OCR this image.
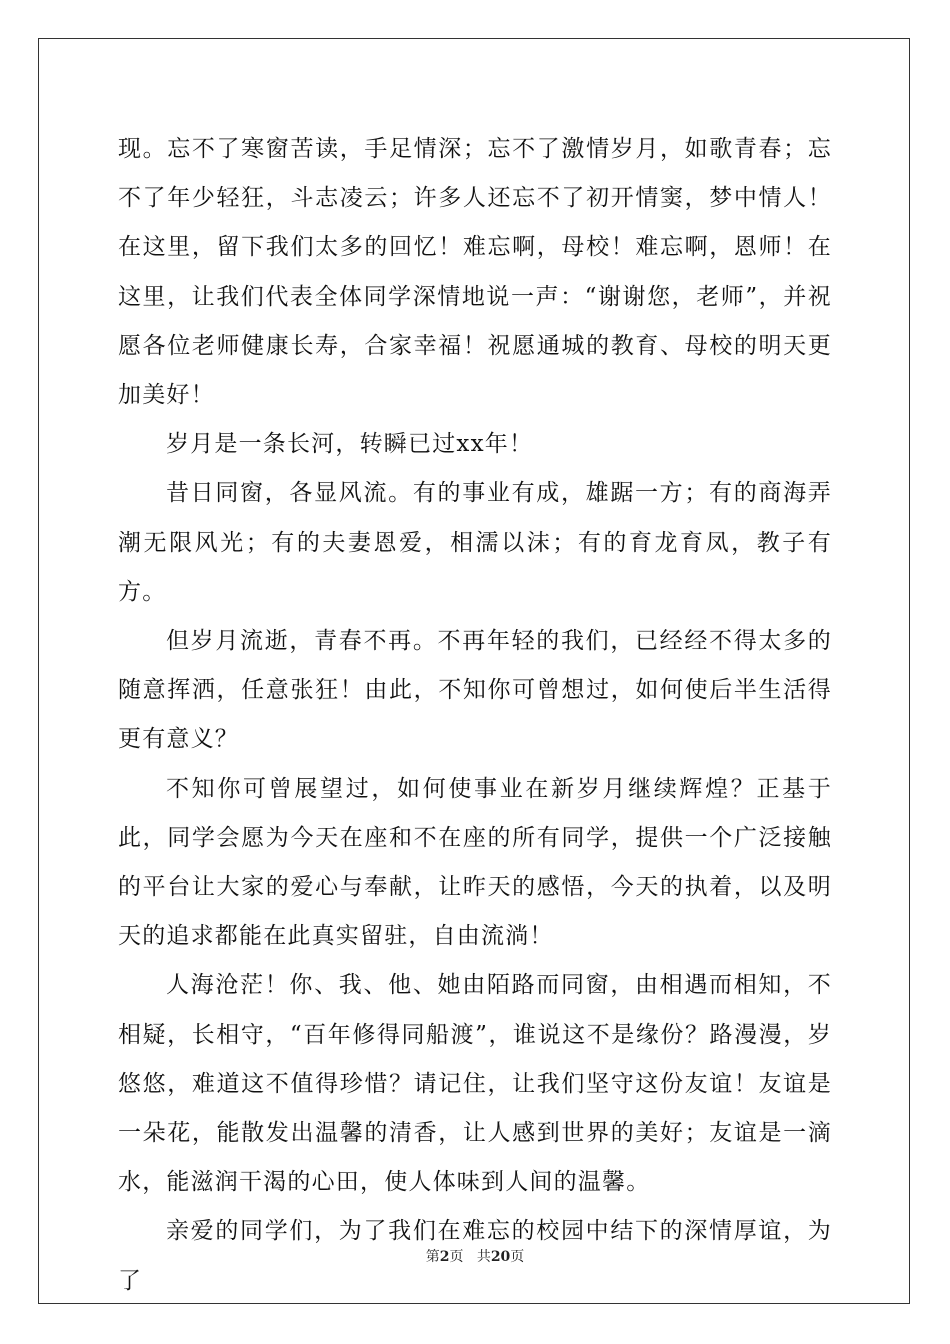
现。忘不了寒窗苦读，手足情深；忘不了激情岁月，如歌青春；忘不了年少轻狂，斗志凌云；许多人还忘不了初开情窦，梦中情人！在这里，留下我们太多的回忆！难忘啊，母校！难忘啊，恩师！在这里，让我们代表全体同学深情地说一声：“谢谢您，老师”，并祝愿各位老师健康长寿，合家幸福！祝愿通城的教育、母校的明天更加美好！

岁月是一条长河，转瞬已过xx年！

昔日同窗，各显风流。有的事业有成，雄踞一方；有的商海弄潮无限风光；有的夫妻恩爱，相濡以沫；有的育龙育凤，教子有方。

但岁月流逝，青春不再。不再年轻的我们，已经经不得太多的随意挥洒，任意张狂！由此，不知你可曾想过，如何使后半生活得更有意义？

不知你可曾展望过，如何使事业在新岁月继续辉煌？正基于此，同学会愿为今天在座和不在座的所有同学，提供一个广泛接触的平台让大家的爱心与奉献，让昨天的感悟，今天的执着，以及明天的追求都能在此真实留驻，自由流淌！

人海沧茫！你、我、他、她由陌路而同窗，由相遇而相知，不相疑，长相守，“百年修得同船渡”，谁说这不是缘份？路漫漫，岁悠悠，难道这不值得珍惜？请记住，让我们坚守这份友谊！友谊是一朵花，能散发出温馨的清香，让人感到世界的美好；友谊是一滴水，能滋润干渴的心田，使人体味到人间的温馨。

亲爱的同学们，为了我们在难忘的校园中结下的深情厚谊，为了

第2页 共20页
